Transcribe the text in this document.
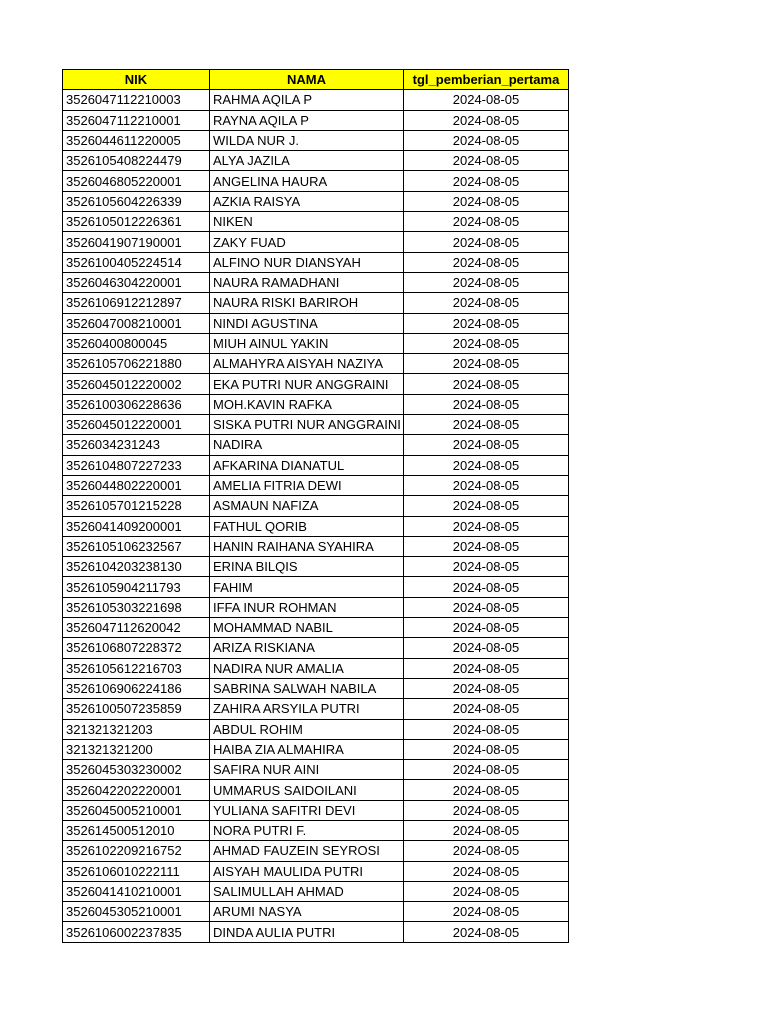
NIK	NAMA	tgl_pemberian_pertama
3526047112210003	RAHMA AQILA P	2024-08-05
3526047112210001	RAYNA AQILA P	2024-08-05
3526044611220005	WILDA NUR J.	2024-08-05
3526105408224479	ALYA JAZILA	2024-08-05
3526046805220001	ANGELINA HAURA	2024-08-05
3526105604226339	AZKIA RAISYA	2024-08-05
3526105012226361	NIKEN	2024-08-05
3526041907190001	ZAKY FUAD	2024-08-05
3526100405224514	ALFINO NUR DIANSYAH	2024-08-05
3526046304220001	NAURA RAMADHANI	2024-08-05
3526106912212897	NAURA RISKI BARIROH	2024-08-05
3526047008210001	NINDI AGUSTINA	2024-08-05
35260400800045	MIUH AINUL YAKIN	2024-08-05
3526105706221880	ALMAHYRA AISYAH NAZIYA	2024-08-05
3526045012220002	EKA PUTRI NUR ANGGRAINI	2024-08-05
3526100306228636	MOH.KAVIN RAFKA	2024-08-05
3526045012220001	SISKA PUTRI NUR ANGGRAINI	2024-08-05
3526034231243	NADIRA	2024-08-05
3526104807227233	AFKARINA DIANATUL	2024-08-05
3526044802220001	AMELIA FITRIA DEWI	2024-08-05
3526105701215228	ASMAUN NAFIZA	2024-08-05
3526041409200001	FATHUL QORIB	2024-08-05
3526105106232567	HANIN RAIHANA SYAHIRA	2024-08-05
3526104203238130	ERINA BILQIS	2024-08-05
3526105904211793	FAHIM	2024-08-05
3526105303221698	IFFA INUR ROHMAN	2024-08-05
3526047112620042	MOHAMMAD NABIL	2024-08-05
3526106807228372	ARIZA RISKIANA	2024-08-05
3526105612216703	NADIRA NUR AMALIA	2024-08-05
3526106906224186	SABRINA SALWAH NABILA	2024-08-05
3526100507235859	ZAHIRA ARSYILA PUTRI	2024-08-05
321321321203	ABDUL ROHIM	2024-08-05
321321321200	HAIBA ZIA ALMAHIRA	2024-08-05
3526045303230002	SAFIRA NUR AINI	2024-08-05
3526042202220001	UMMARUS SAIDOILANI	2024-08-05
3526045005210001	YULIANA SAFITRI DEVI	2024-08-05
352614500512010	NORA PUTRI F.	2024-08-05
3526102209216752	AHMAD FAUZEIN SEYROSI	2024-08-05
3526106010222111	AISYAH MAULIDA PUTRI	2024-08-05
3526041410210001	SALIMULLAH AHMAD	2024-08-05
3526045305210001	ARUMI NASYA	2024-08-05
3526106002237835	DINDA AULIA PUTRI	2024-08-05
